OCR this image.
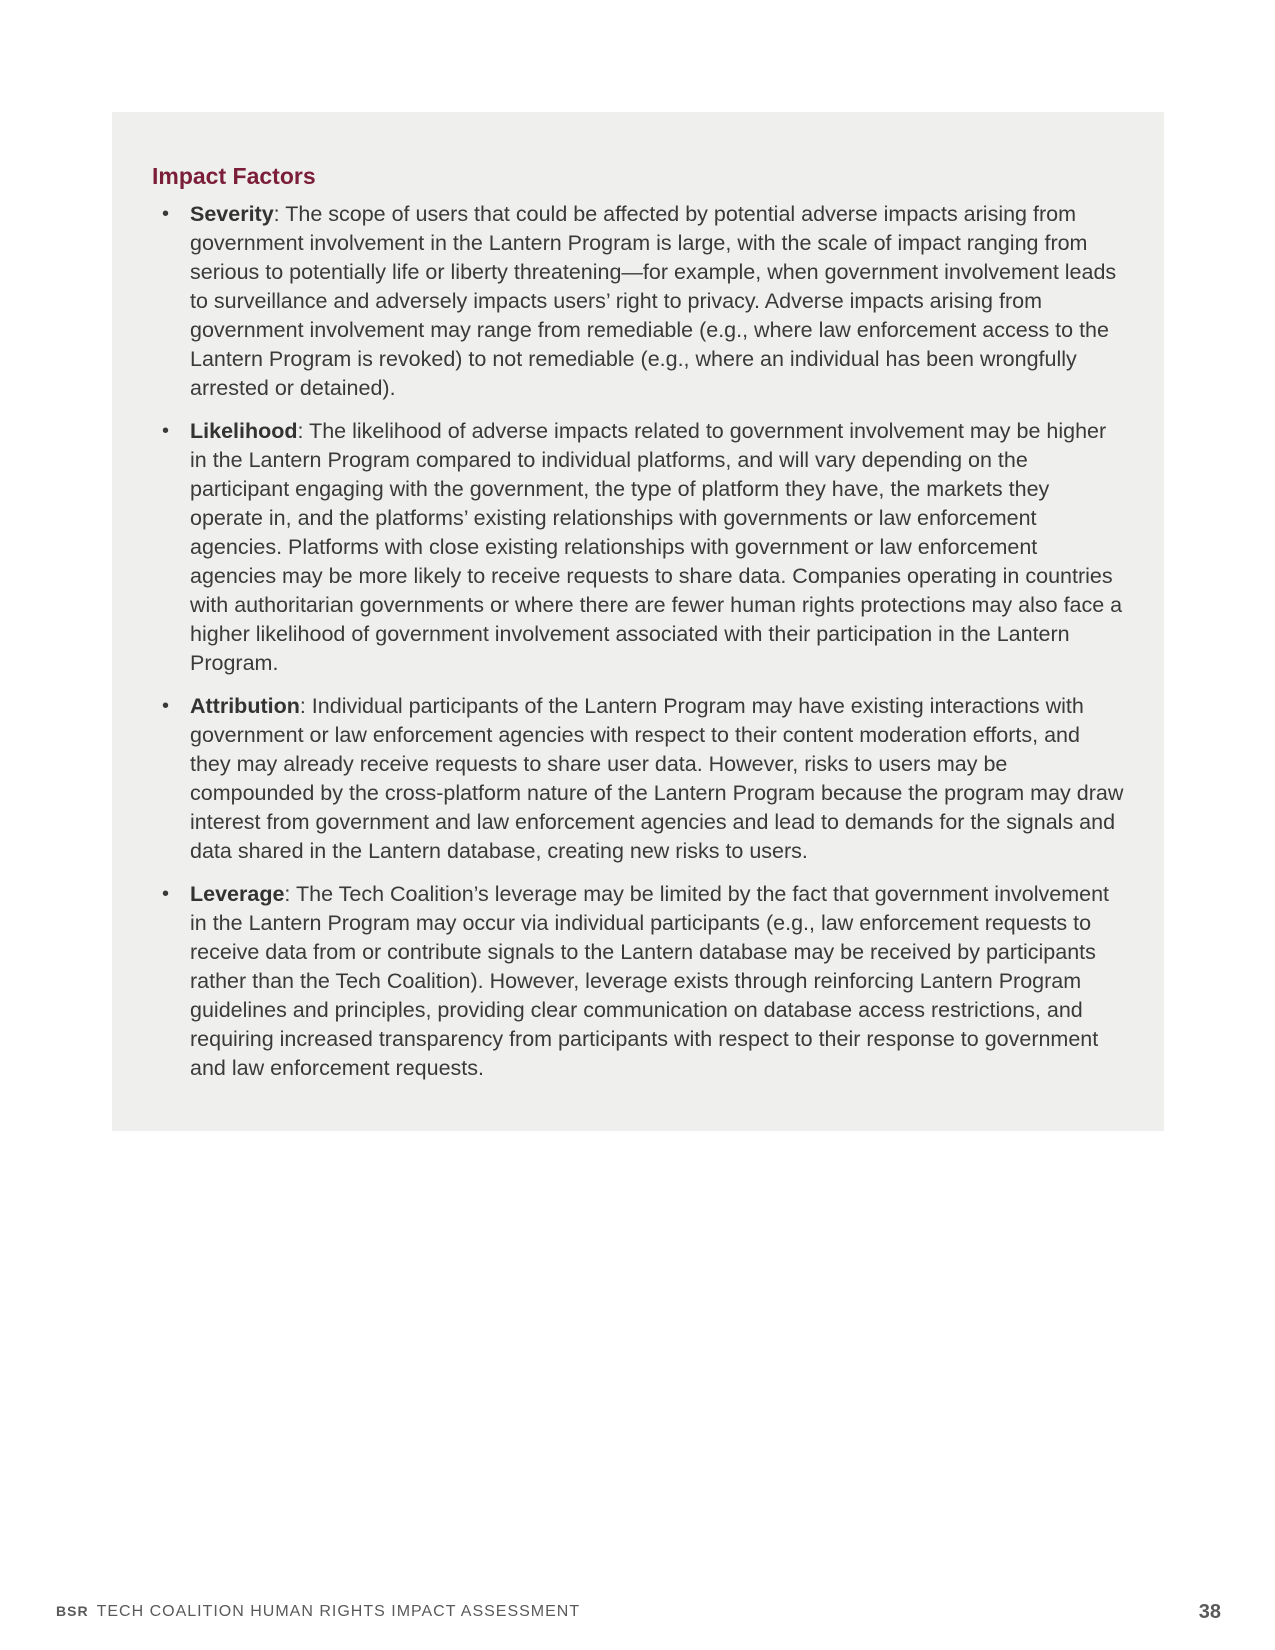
Impact Factors
• Severity: The scope of users that could be affected by potential adverse impacts arising from government involvement in the Lantern Program is large, with the scale of impact ranging from serious to potentially life or liberty threatening—for example, when government involvement leads to surveillance and adversely impacts users’ right to privacy. Adverse impacts arising from government involvement may range from remediable (e.g., where law enforcement access to the Lantern Program is revoked) to not remediable (e.g., where an individual has been wrongfully arrested or detained).
• Likelihood: The likelihood of adverse impacts related to government involvement may be higher in the Lantern Program compared to individual platforms, and will vary depending on the participant engaging with the government, the type of platform they have, the markets they operate in, and the platforms’ existing relationships with governments or law enforcement agencies. Platforms with close existing relationships with government or law enforcement agencies may be more likely to receive requests to share data. Companies operating in countries with authoritarian governments or where there are fewer human rights protections may also face a higher likelihood of government involvement associated with their participation in the Lantern Program.
• Attribution: Individual participants of the Lantern Program may have existing interactions with government or law enforcement agencies with respect to their content moderation efforts, and they may already receive requests to share user data. However, risks to users may be compounded by the cross-platform nature of the Lantern Program because the program may draw interest from government and law enforcement agencies and lead to demands for the signals and data shared in the Lantern database, creating new risks to users.
• Leverage: The Tech Coalition’s leverage may be limited by the fact that government involvement in the Lantern Program may occur via individual participants (e.g., law enforcement requests to receive data from or contribute signals to the Lantern database may be received by participants rather than the Tech Coalition). However, leverage exists through reinforcing Lantern Program guidelines and principles, providing clear communication on database access restrictions, and requiring increased transparency from participants with respect to their response to government and law enforcement requests.
BSR TECH COALITION HUMAN RIGHTS IMPACT ASSESSMENT	38
